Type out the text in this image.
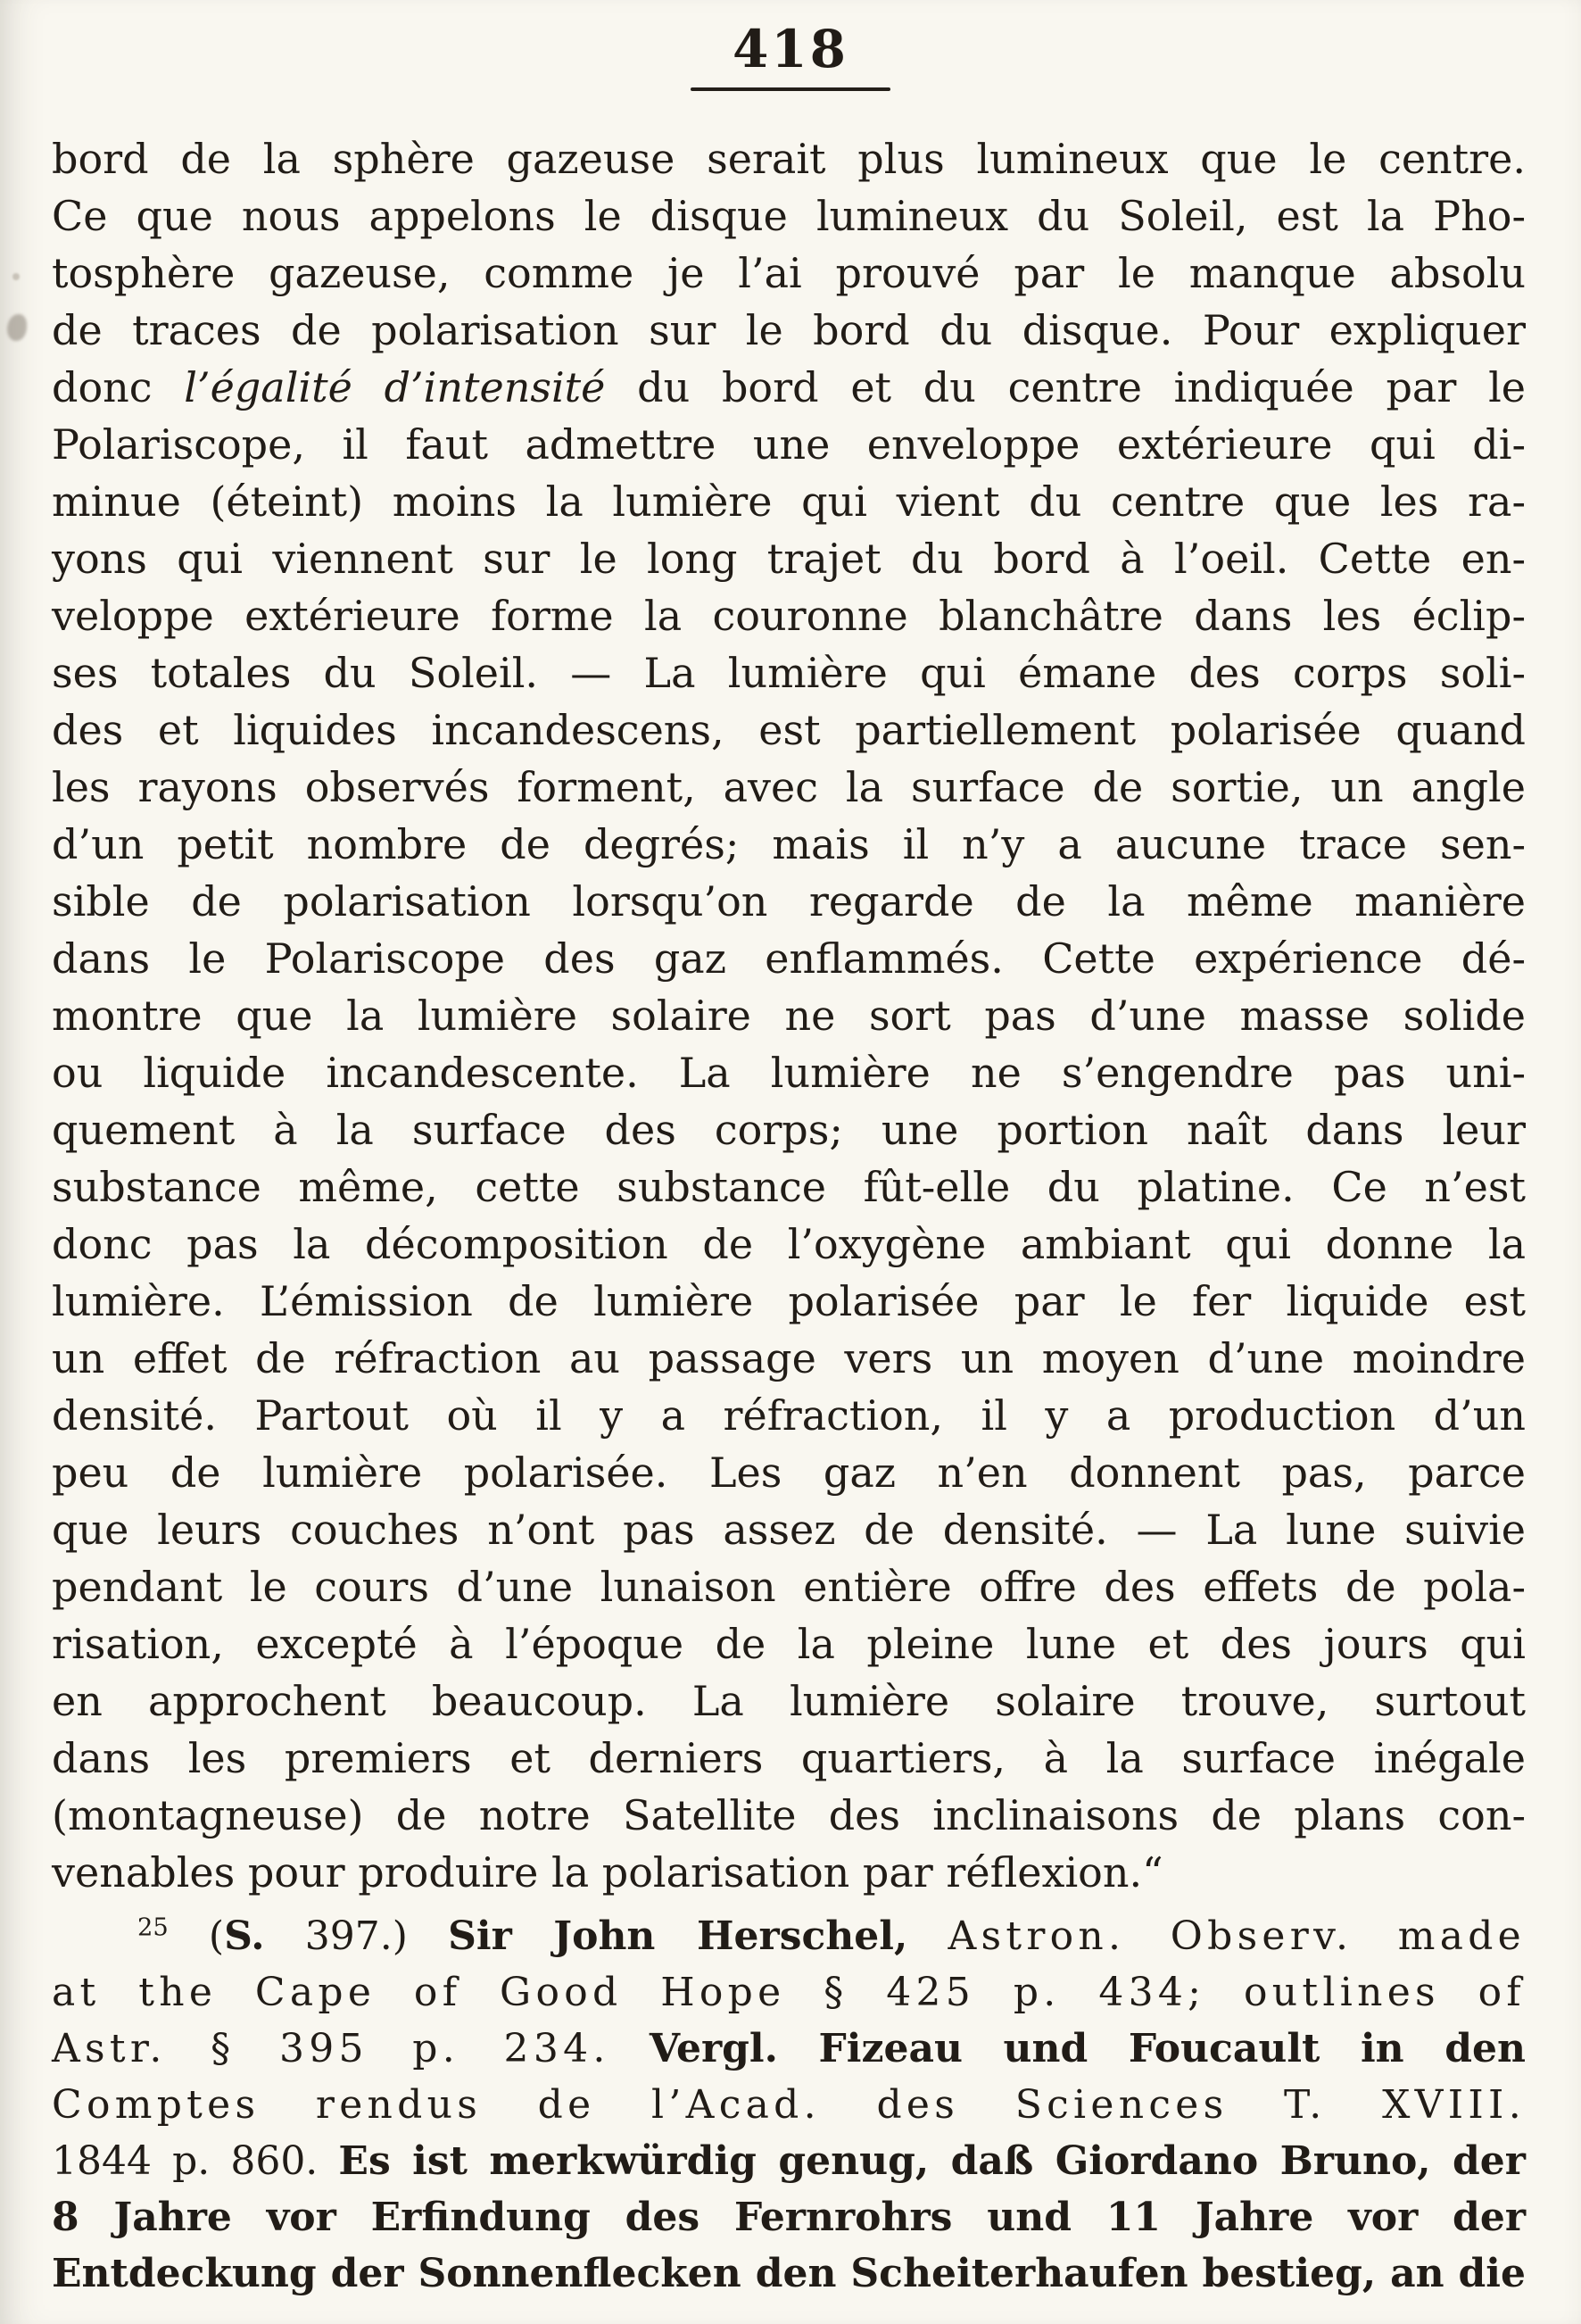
418
bord de la sphère gazeuse serait plus lumineux que le centre.
Ce que nous appelons le disque lumineux du Soleil, est la Pho-
tosphère gazeuse, comme je l’ai prouvé par le manque absolu
de traces de polarisation sur le bord du disque. Pour expliquer
donc l’égalité d’intensité du bord et du centre indiquée par le
Polariscope, il faut admettre une enveloppe extérieure qui di-
minue (éteint) moins la lumière qui vient du centre que les ra-
yons qui viennent sur le long trajet du bord à l’oeil. Cette en-
veloppe extérieure forme la couronne blanchâtre dans les éclip-
ses totales du Soleil. — La lumière qui émane des corps soli-
des et liquides incandescens, est partiellement polarisée quand
les rayons observés forment, avec la surface de sortie, un angle
d’un petit nombre de degrés; mais il n’y a aucune trace sen-
sible de polarisation lorsqu’on regarde de la même manière
dans le Polariscope des gaz enflammés. Cette expérience dé-
montre que la lumière solaire ne sort pas d’une masse solide
ou liquide incandescente. La lumière ne s’engendre pas uni-
quement à la surface des corps; une portion naît dans leur
substance même, cette substance fût-elle du platine. Ce n’est
donc pas la décomposition de l’oxygène ambiant qui donne la
lumière. L’émission de lumière polarisée par le fer liquide est
un effet de réfraction au passage vers un moyen d’une moindre
densité. Partout où il y a réfraction, il y a production d’un
peu de lumière polarisée. Les gaz n’en donnent pas, parce
que leurs couches n’ont pas assez de densité. — La lune suivie
pendant le cours d’une lunaison entière offre des effets de pola-
risation, excepté à l’époque de la pleine lune et des jours qui
en approchent beaucoup. La lumière solaire trouve, surtout
dans les premiers et derniers quartiers, à la surface inégale
(montagneuse) de notre Satellite des inclinaisons de plans con-
venables pour produire la polarisation par réflexion.“
$^{25}$ (S. 397.) Sir John Herschel, Astron. Observ. made
at the Cape of Good Hope § 425 p. 434; outlines of
Astr. § 395 p. 234. Vergl. Fizeau und Foucault in den
Comptes rendus de l’Acad. des Sciences T. XVIII.
1844 p. 860. Es ist merkwürdig genug, daß Giordano Bruno, der
8 Jahre vor Erfindung des Fernrohrs und 11 Jahre vor der
Entdeckung der Sonnenflecken den Scheiterhaufen bestieg, an die
